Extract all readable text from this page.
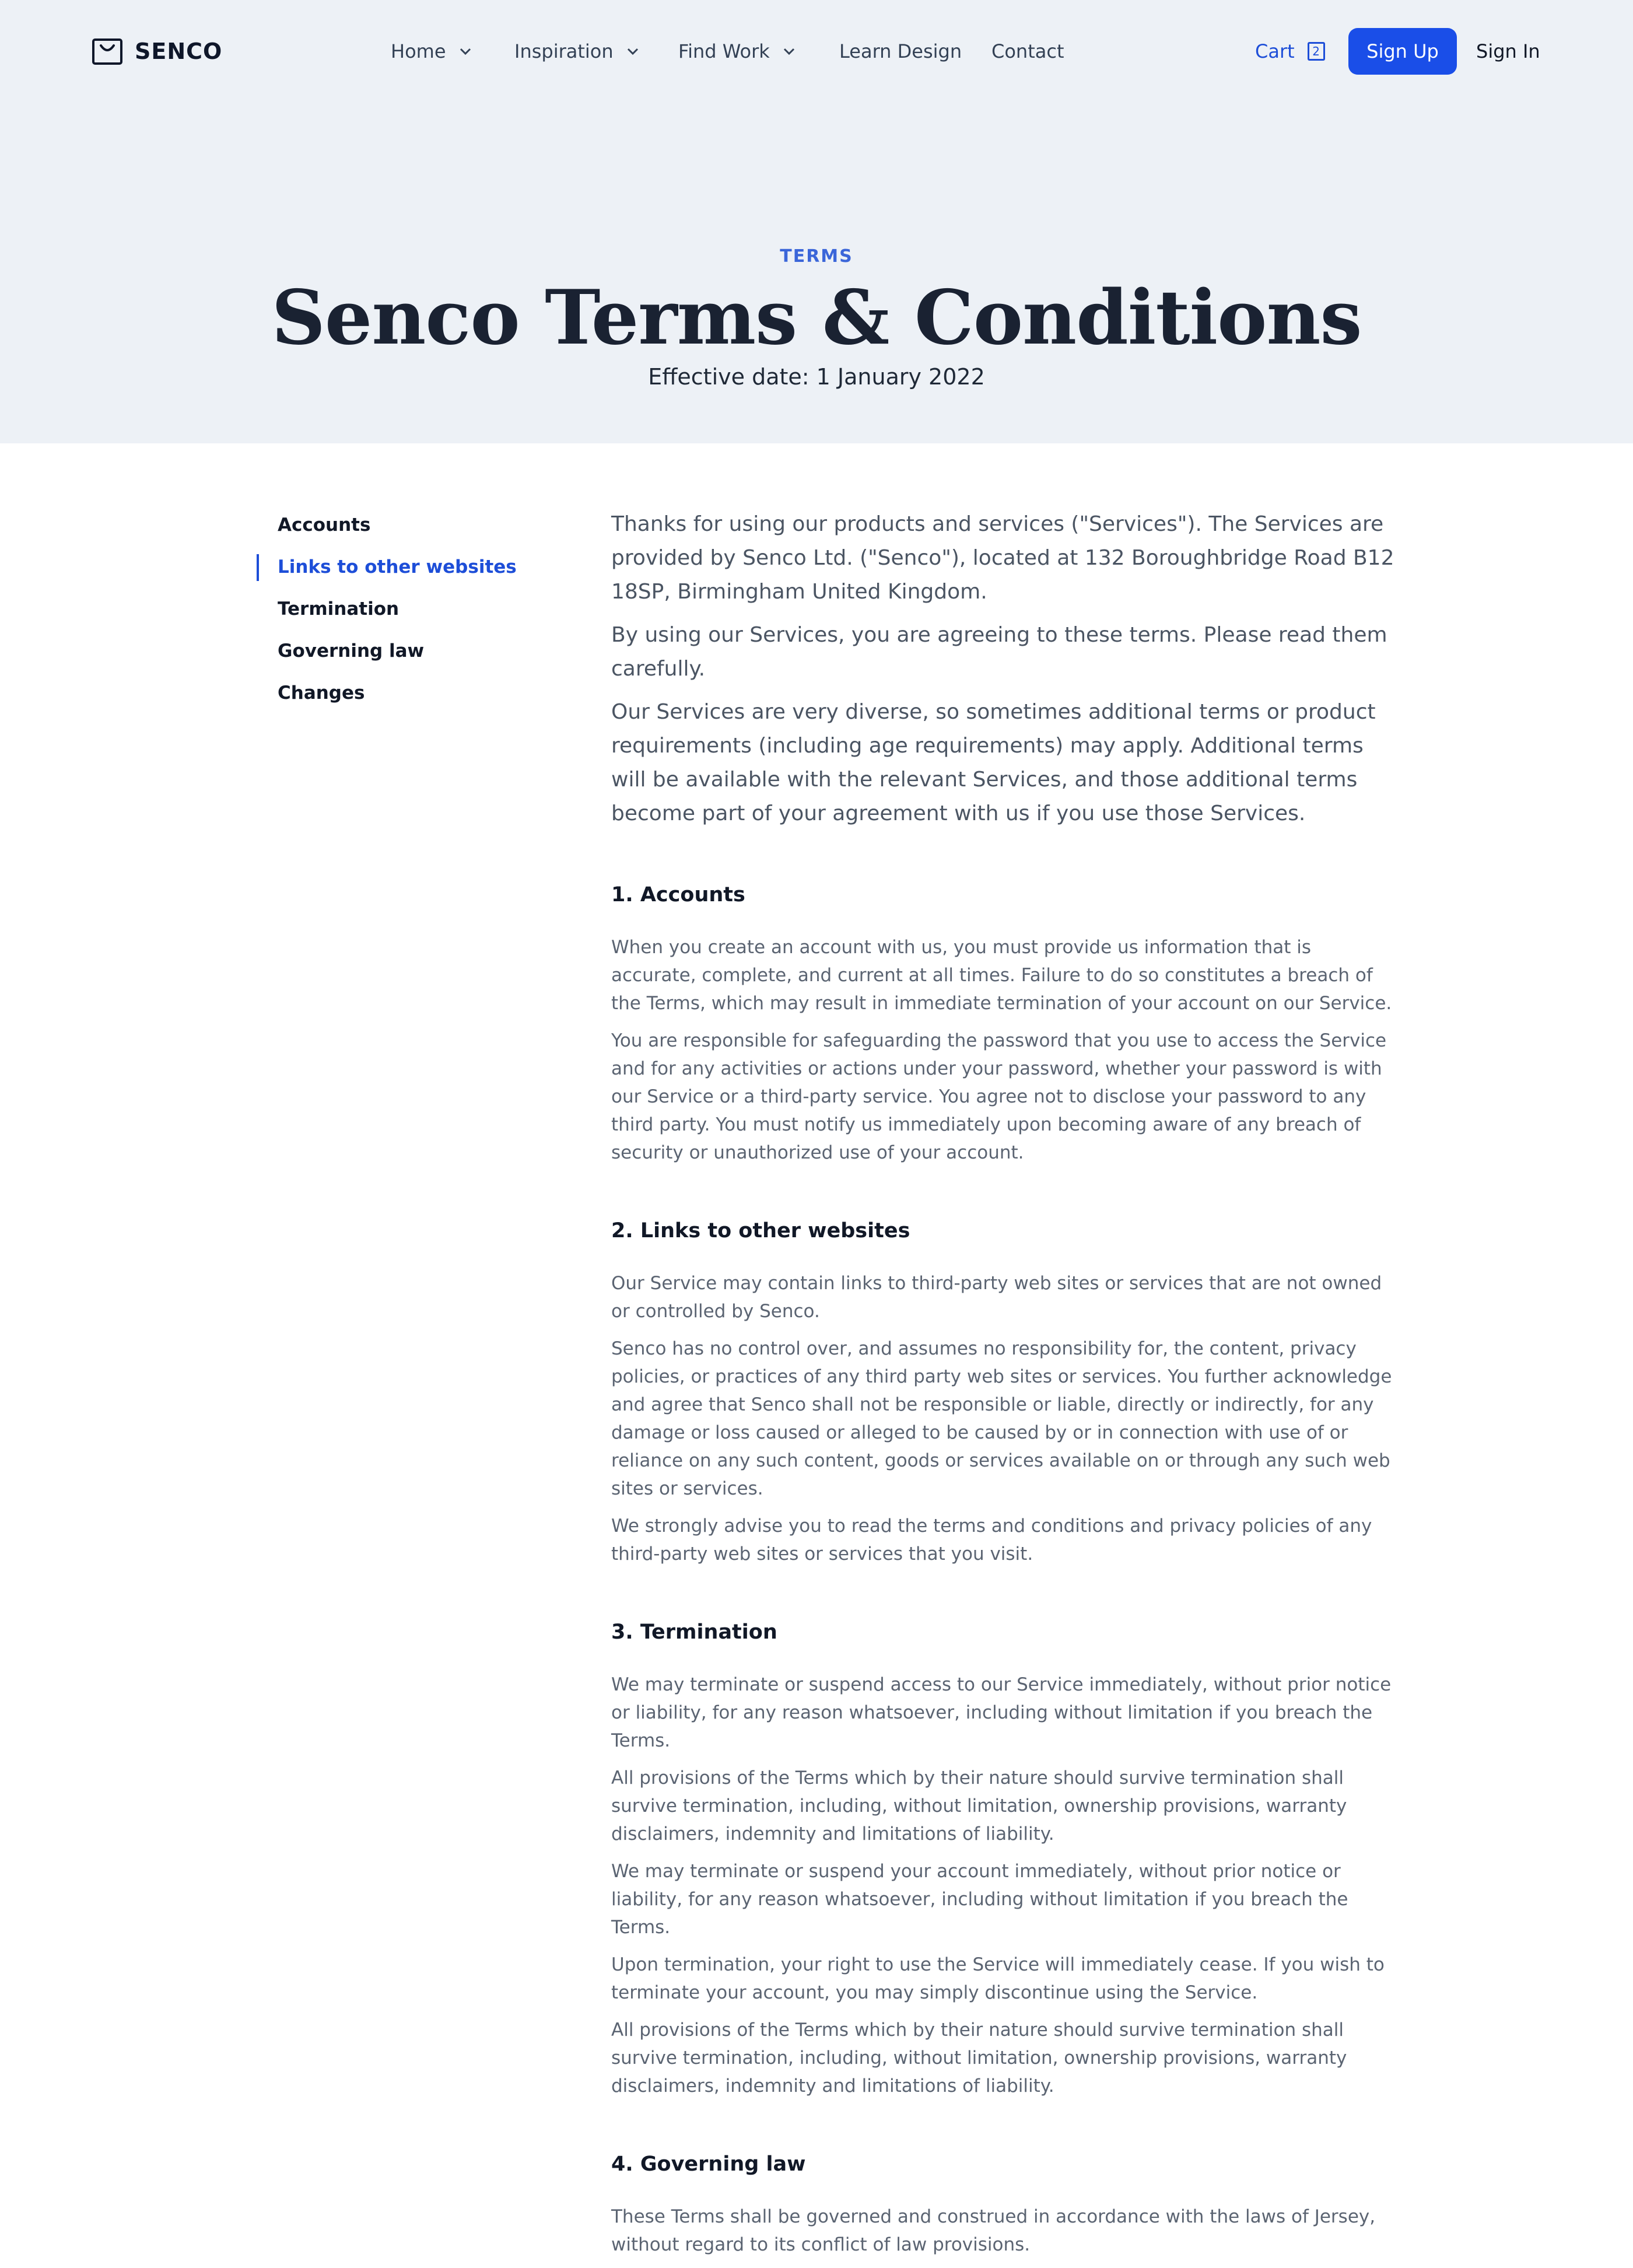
SENCO	Home	Inspiration	Find Work	Learn Design Contact	Cart	2	Sign Up	Sign In
TERMS
Senco Terms & Conditions
Effective date: 1 January 2022
Accounts
Links to other websites
Termination
Governing law
Changes

Thanks for using our products and services ("Services"). The Services are provided by Senco Ltd. ("Senco"), located at 132 Boroughbridge Road B12 18SP, Birmingham United Kingdom.

By using our Services, you are agreeing to these terms. Please read them carefully.

Our Services are very diverse, so sometimes additional terms or product requirements (including age requirements) may apply. Additional terms will be available with the relevant Services, and those additional terms become part of your agreement with us if you use those Services.

1. Accounts

When you create an account with us, you must provide us information that is accurate, complete, and current at all times. Failure to do so constitutes a breach of the Terms, which may result in immediate termination of your account on our Service.

You are responsible for safeguarding the password that you use to access the Service and for any activities or actions under your password, whether your password is with our Service or a third-party service. You agree not to disclose your password to any third party. You must notify us immediately upon becoming aware of any breach of security or unauthorized use of your account.

2. Links to other websites

Our Service may contain links to third-party web sites or services that are not owned or controlled by Senco.

Senco has no control over, and assumes no responsibility for, the content, privacy policies, or practices of any third party web sites or services. You further acknowledge and agree that Senco shall not be responsible or liable, directly or indirectly, for any damage or loss caused or alleged to be caused by or in connection with use of or reliance on any such content, goods or services available on or through any such web sites or services.

We strongly advise you to read the terms and conditions and privacy policies of any third-party web sites or services that you visit.

3. Termination

We may terminate or suspend access to our Service immediately, without prior notice or liability, for any reason whatsoever, including without limitation if you breach the Terms.

All provisions of the Terms which by their nature should survive termination shall survive termination, including, without limitation, ownership provisions, warranty disclaimers, indemnity and limitations of liability.

We may terminate or suspend your account immediately, without prior notice or liability, for any reason whatsoever, including without limitation if you breach the Terms.

Upon termination, your right to use the Service will immediately cease. If you wish to terminate your account, you may simply discontinue using the Service.

All provisions of the Terms which by their nature should survive termination shall survive termination, including, without limitation, ownership provisions, warranty disclaimers, indemnity and limitations of liability.

4. Governing law

These Terms shall be governed and construed in accordance with the laws of Jersey, without regard to its conflict of law provisions.
